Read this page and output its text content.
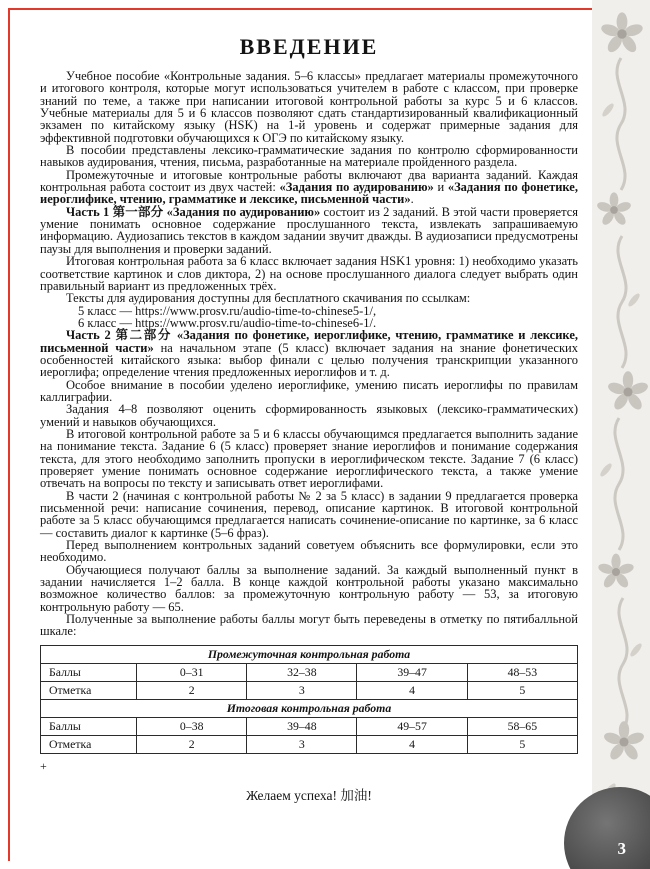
3
ВВЕДЕНИЕ

Учебное пособие «Контрольные задания. 5–6 классы» предлагает материалы промежуточного и итогового контроля, которые могут использоваться учителем в работе с классом, при проверке знаний по теме, а также при написании итоговой контрольной работы за курс 5 и 6 классов. Учебные материалы для 5 и 6 классов позволяют сдать стандартизированный квалификационный экзамен по китайскому языку (HSK) на 1-й уровень и содержат примерные задания для эффективной подготовки обучающихся к ОГЭ по китайскому языку.

В пособии представлены лексико-грамматические задания по контролю сформированности навыков аудирования, чтения, письма, разработанные на материале пройденного раздела.

Промежуточные и итоговые контрольные работы включают два варианта заданий. Каждая контрольная работа состоит из двух частей: «Задания по аудированию» и «Задания по фонетике, иероглифике, чтению, грамматике и лексике, письменной части».

Часть 1 第一部分 «Задания по аудированию» состоит из 2 заданий. В этой части проверяется умение понимать основное содержание прослушанного текста, извлекать запрашиваемую информацию. Аудиозапись текстов в каждом задании звучит дважды. В аудиозаписи предусмотрены паузы для выполнения и проверки заданий.

Итоговая контрольная работа за 6 класс включает задания HSK1 уровня: 1) необходимо указать соответствие картинок и слов диктора, 2) на основе прослушанного диалога следует выбрать один правильный вариант из предложенных трёх.

Тексты для аудирования доступны для бесплатного скачивания по ссылкам:

5 класс — https://www.prosv.ru/audio-time-to-chinese5-1/,

6 класс — https://www.prosv.ru/audio-time-to-chinese6-1/.

Часть 2 第二部分 «Задания по фонетике, иероглифике, чтению, грамматике и лексике, письменной части» на начальном этапе (5 класс) включает задания на знание фонетических особенностей китайского языка: выбор финали с целью получения транскрипции указанного иероглифа; определение чтения предложенных иероглифов и т. д.

Особое внимание в пособии уделено иероглифике, умению писать иероглифы по правилам каллиграфии.

Задания 4–8 позволяют оценить сформированность языковых (лексико-грамматических) умений и навыков обучающихся.

В итоговой контрольной работе за 5 и 6 классы обучающимся предлагается выполнить задание на понимание текста. Задание 6 (5 класс) проверяет знание иероглифов и понимание содержания текста, для этого необходимо заполнить пропуски в иероглифическом тексте. Задание 7 (6 класс) проверяет умение понимать основное содержание иероглифического текста, а также умение отвечать на вопросы по тексту и записывать ответ иероглифами.

В части 2 (начиная с контрольной работы № 2 за 5 класс) в задании 9 предлагается проверка письменной речи: написание сочинения, перевод, описание картинок. В итоговой контрольной работе за 5 класс обучающимся предлагается написать сочинение-описание по картинке, за 6 класс — составить диалог к картинке (5–6 фраз).

Перед выполнением контрольных заданий советуем объяснить все формулировки, если это необходимо.

Обучающиеся получают баллы за выполнение заданий. За каждый выполненный пункт в задании начисляется 1–2 балла. В конце каждой контрольной работы указано максимально возможное количество баллов: за промежуточную контрольную работу — 53, за итоговую контрольную работу — 65.

Полученные за выполнение работы баллы могут быть переведены в отметку по пятибалльной шкале:

Промежуточная контрольная работа				
Баллы	0–31	32–38	39–47	48–53
Отметка	2	3	4	5
Итоговая контрольная работа				
Баллы	0–38	39–48	49–57	58–65
Отметка	2	3	4	5
+
Желаем успеха! 加油!
